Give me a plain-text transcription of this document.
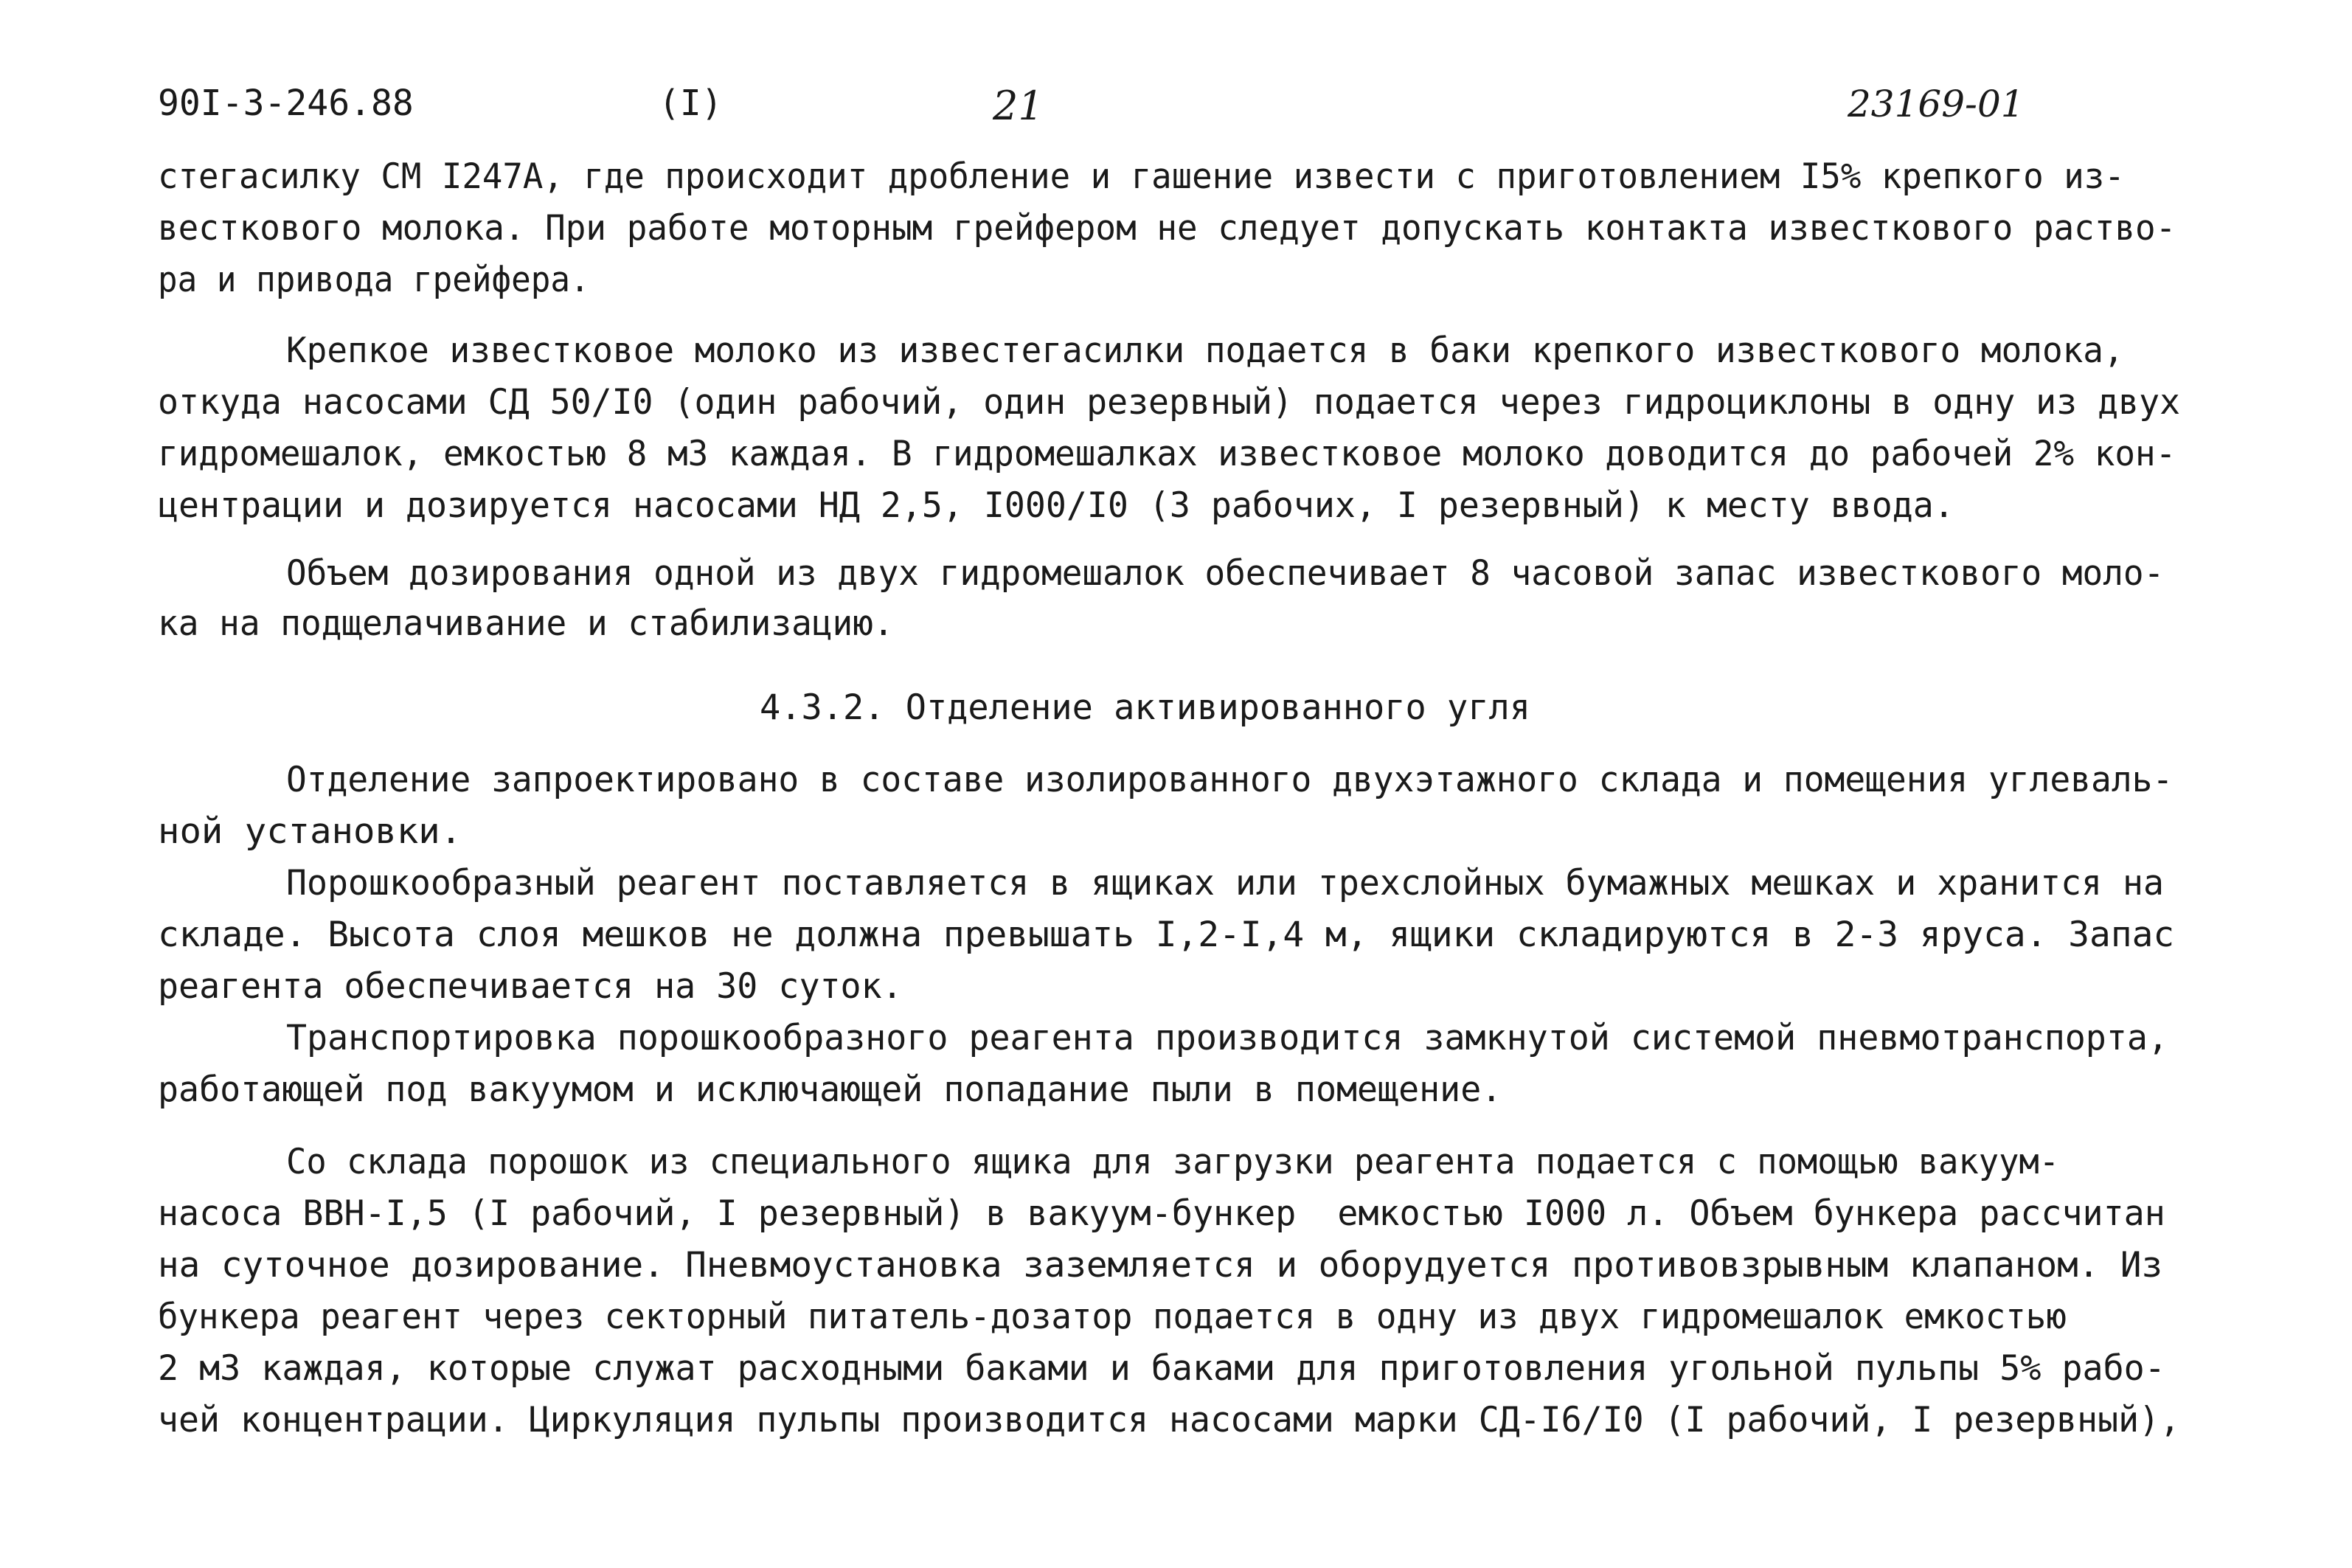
90I-3-246.88	(I)	21	23169-01
стегасилку СМ I247А, где происходит дробление и гашение извести с приготовлением I5% крепкого из-
весткового молока. При работе моторным грейфером не следует допускать контакта известкового раство-
ра и привода грейфера.
Крепкое известковое молоко из известегасилки подается в баки крепкого известкового молока,
откуда насосами СД 50/I0 (один рабочий, один резервный) подается через гидроциклоны в одну из двух
гидромешалок, емкостью 8 м3 каждая. В гидромешалках известковое молоко доводится до рабочей 2% кон-
центрации и дозируется насосами НД 2,5, I000/I0 (3 рабочих, I резервный) к месту ввода.
Объем дозирования одной из двух гидромешалок обеспечивает 8 часовой запас известкового моло-
ка на подщелачивание и стабилизацию.
4.3.2. Отделение активированного угля
Отделение запроектировано в составе изолированного двухэтажного склада и помещения углеваль-
ной установки.
Порошкообразный реагент поставляется в ящиках или трехслойных бумажных мешках и хранится на
складе. Высота слоя мешков не должна превышать I,2-I,4 м, ящики складируются в 2-3 яруса. Запас
реагента обеспечивается на 30 суток.
Транспортировка порошкообразного реагента производится замкнутой системой пневмотранспорта,
работающей под вакуумом и исключающей попадание пыли в помещение.
Со склада порошок из специального ящика для загрузки реагента подается с помощью вакуум-
насоса ВВН-I,5 (I рабочий, I резервный) в вакуум-бункер  емкостью I000 л. Объем бункера рассчитан
на суточное дозирование. Пневмоустановка заземляется и оборудуется противовзрывным клапаном. Из
бункера реагент через секторный питатель-дозатор подается в одну из двух гидромешалок емкостью
2 м3 каждая, которые служат расходными баками и баками для приготовления угольной пульпы 5% рабо-
чей концентрации. Циркуляция пульпы производится насосами марки СД-I6/I0 (I рабочий, I резервный),
